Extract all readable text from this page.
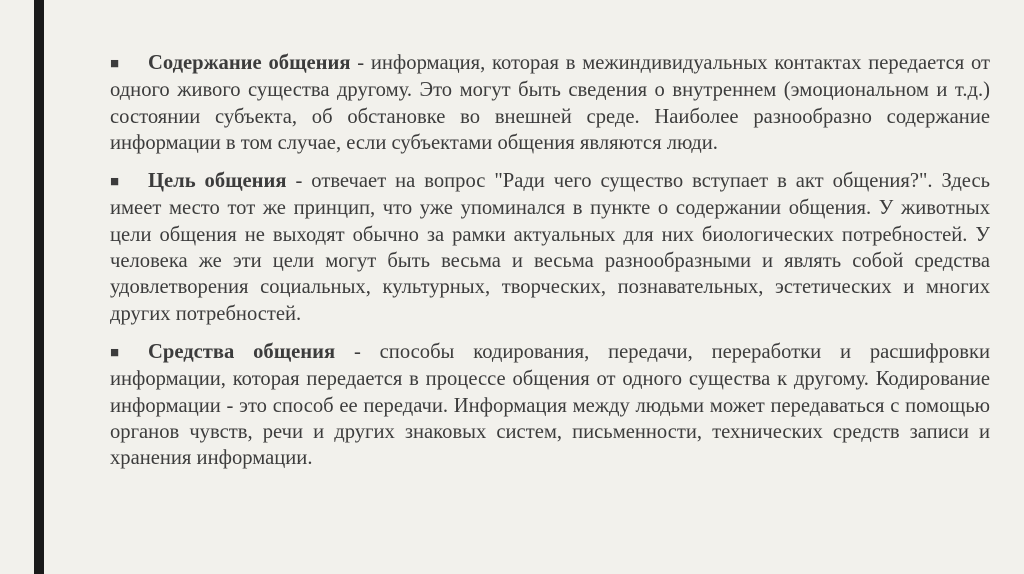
■ Содержание общения - информация, которая в межиндивидуальных контактах передается от одного живого существа другому. Это могут быть сведения о внутреннем (эмоциональном и т.д.) состоянии субъекта, об обстановке во внешней среде. Наиболее разнообразно содержание информации в том случае, если субъектами общения являются люди.

■ Цель общения - отвечает на вопрос "Ради чего существо вступает в акт общения?". Здесь имеет место тот же принцип, что уже упоминался в пункте о содержании общения. У животных цели общения не выходят обычно за рамки актуальных для них биологических потребностей. У человека же эти цели могут быть весьма и весьма разнообразными и являть собой средства удовлетворения социальных, культурных, творческих, познавательных, эстетических и многих других потребностей.

■ Средства общения - способы кодирования, передачи, переработки и расшифровки информации, которая передается в процессе общения от одного существа к другому. Кодирование информации - это способ ее передачи. Информация между людьми может передаваться с помощью органов чувств, речи и других знаковых систем, письменности, технических средств записи и хранения информации.
